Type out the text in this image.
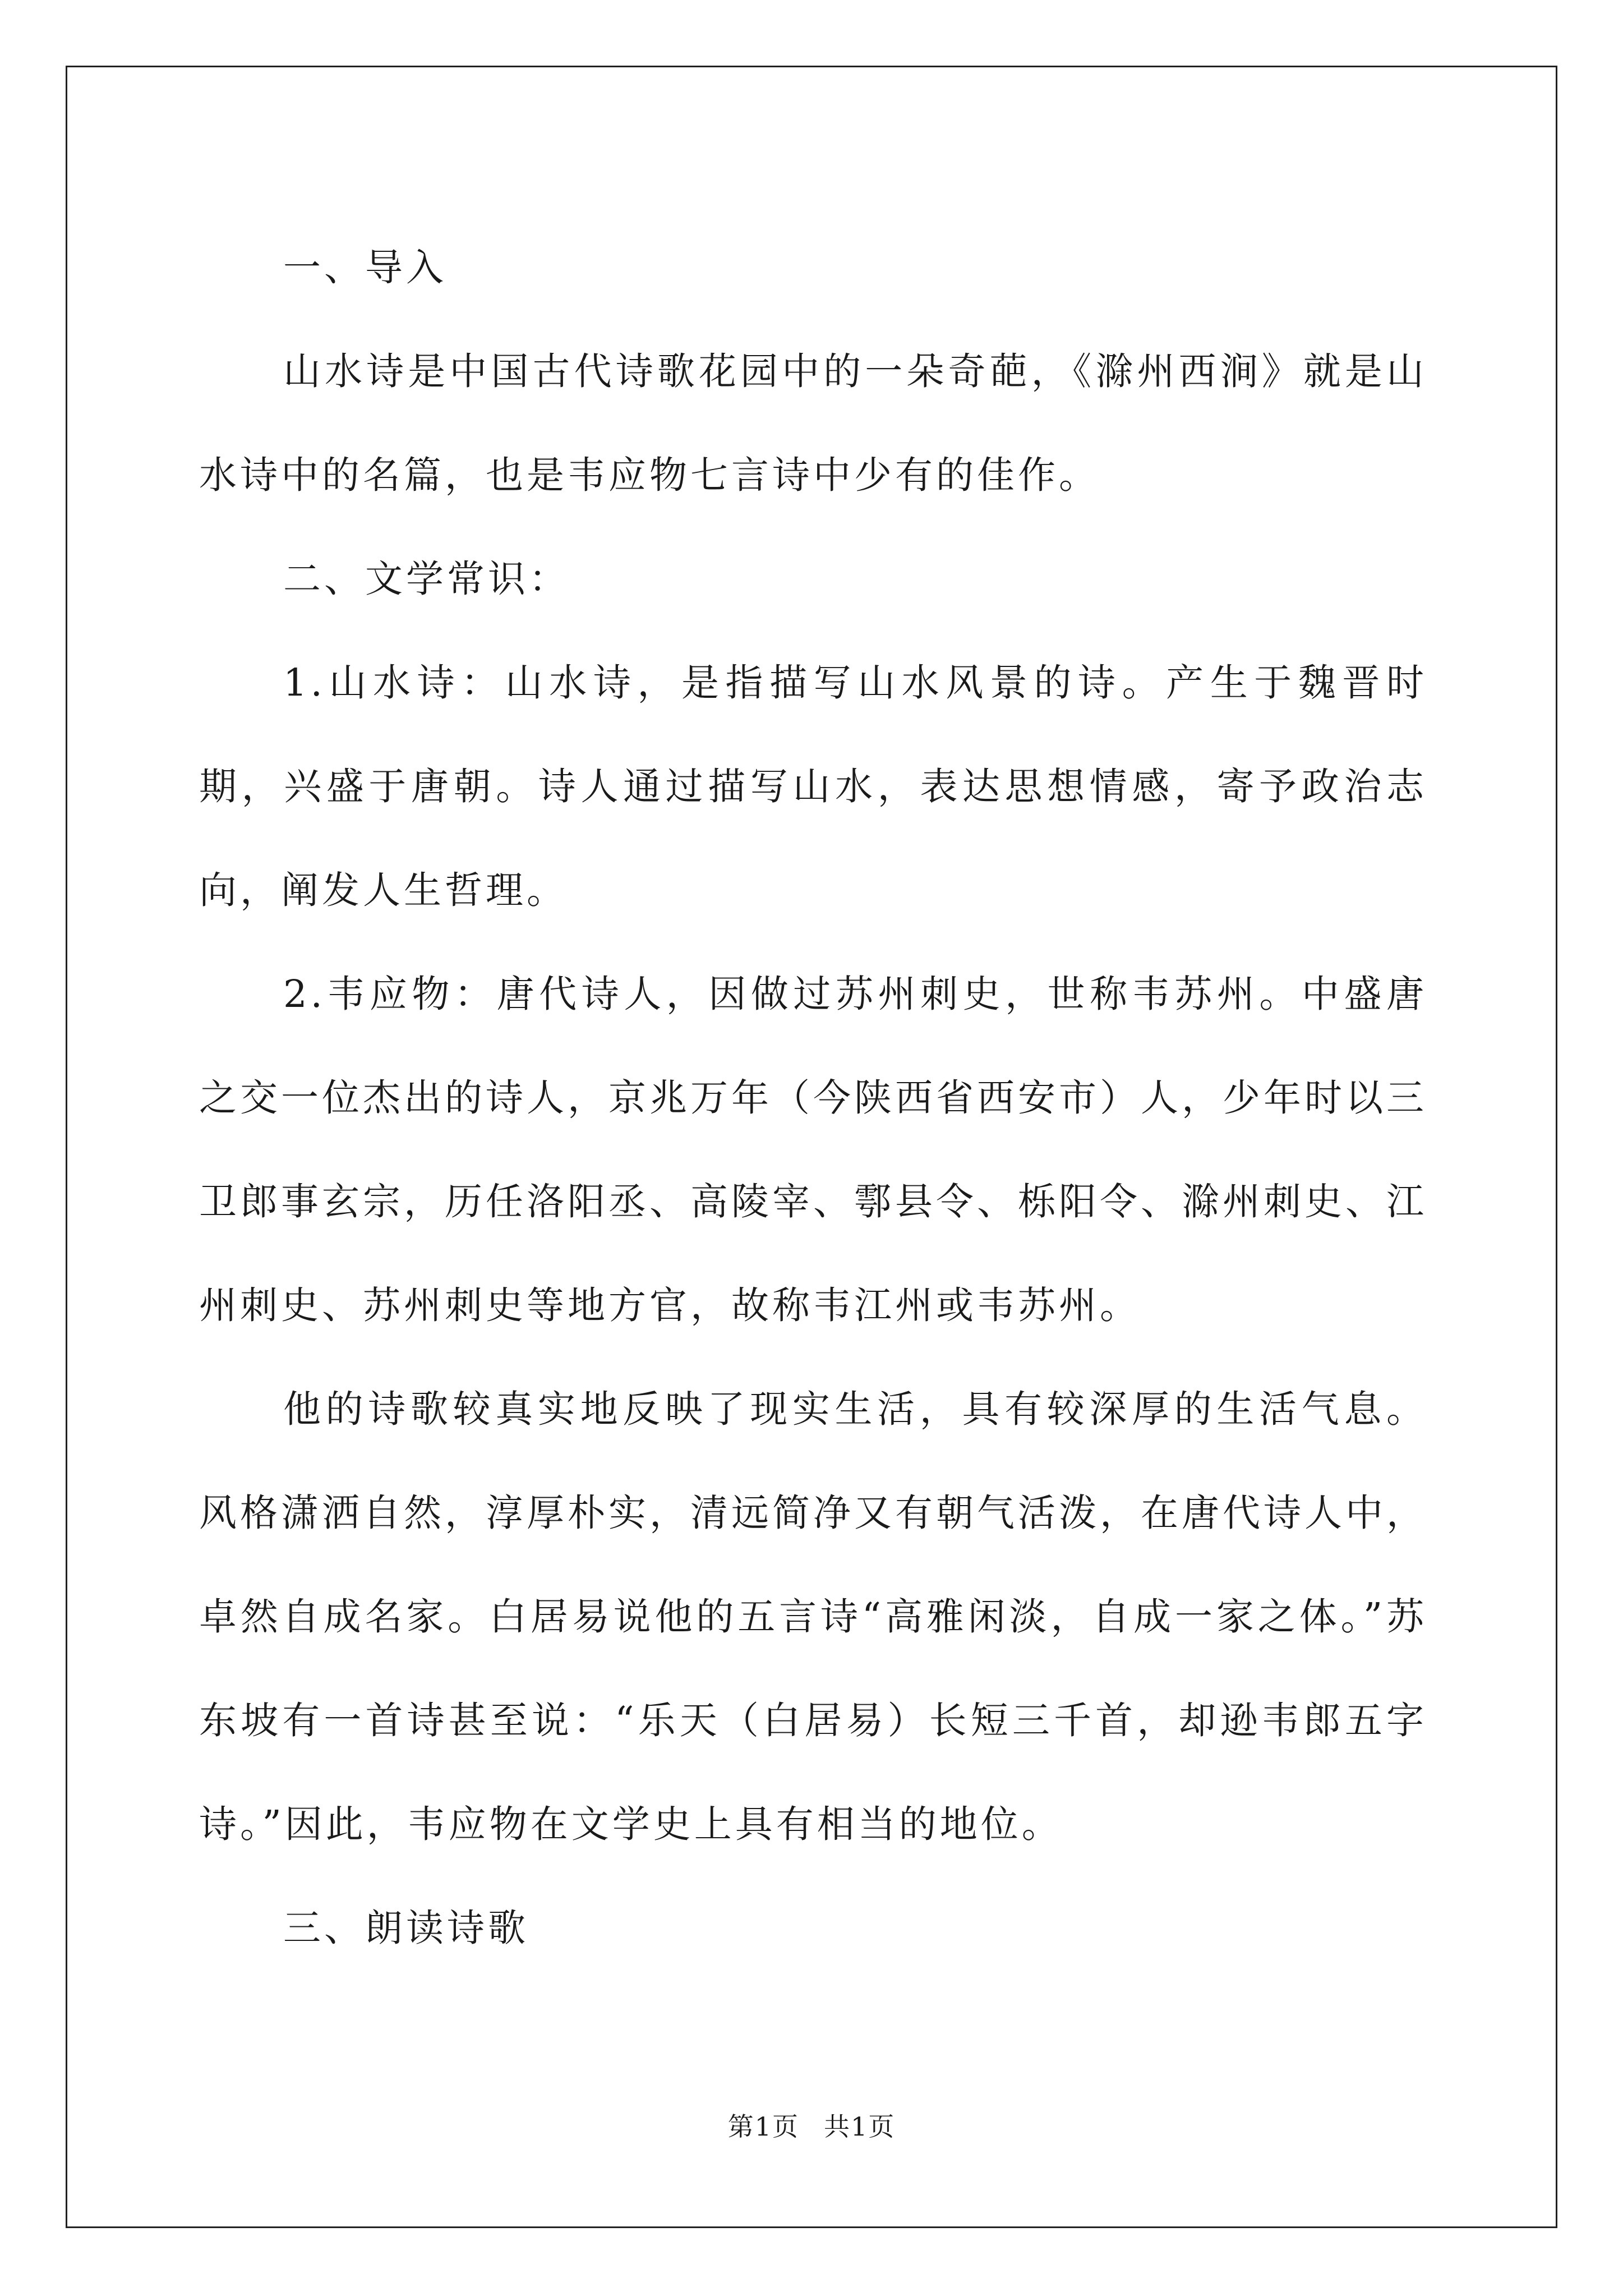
一、导入

山水诗是中国古代诗歌花园中的一朵奇葩，《滁州西涧》就是山水诗中的名篇，也是韦应物七言诗中少有的佳作。

二、文学常识：

1.山水诗：山水诗，是指描写山水风景的诗。产生于魏晋时期，兴盛于唐朝。诗人通过描写山水，表达思想情感，寄予政治志向，阐发人生哲理。

2.韦应物：唐代诗人，因做过苏州刺史，世称韦苏州。中盛唐之交一位杰出的诗人，京兆万年（今陕西省西安市）人，少年时以三卫郎事玄宗，历任洛阳丞、高陵宰、鄠县令、栎阳令、滁州刺史、江州刺史、苏州刺史等地方官，故称韦江州或韦苏州。

他的诗歌较真实地反映了现实生活，具有较深厚的生活气息。风格潇洒自然，淳厚朴实，清远简净又有朝气活泼，在唐代诗人中，卓然自成名家。白居易说他的五言诗“高雅闲淡，自成一家之体。”苏东坡有一首诗甚至说：“乐天（白居易）长短三千首，却逊韦郎五字诗。”因此，韦应物在文学史上具有相当的地位。

三、朗读诗歌

第1页 共1页
